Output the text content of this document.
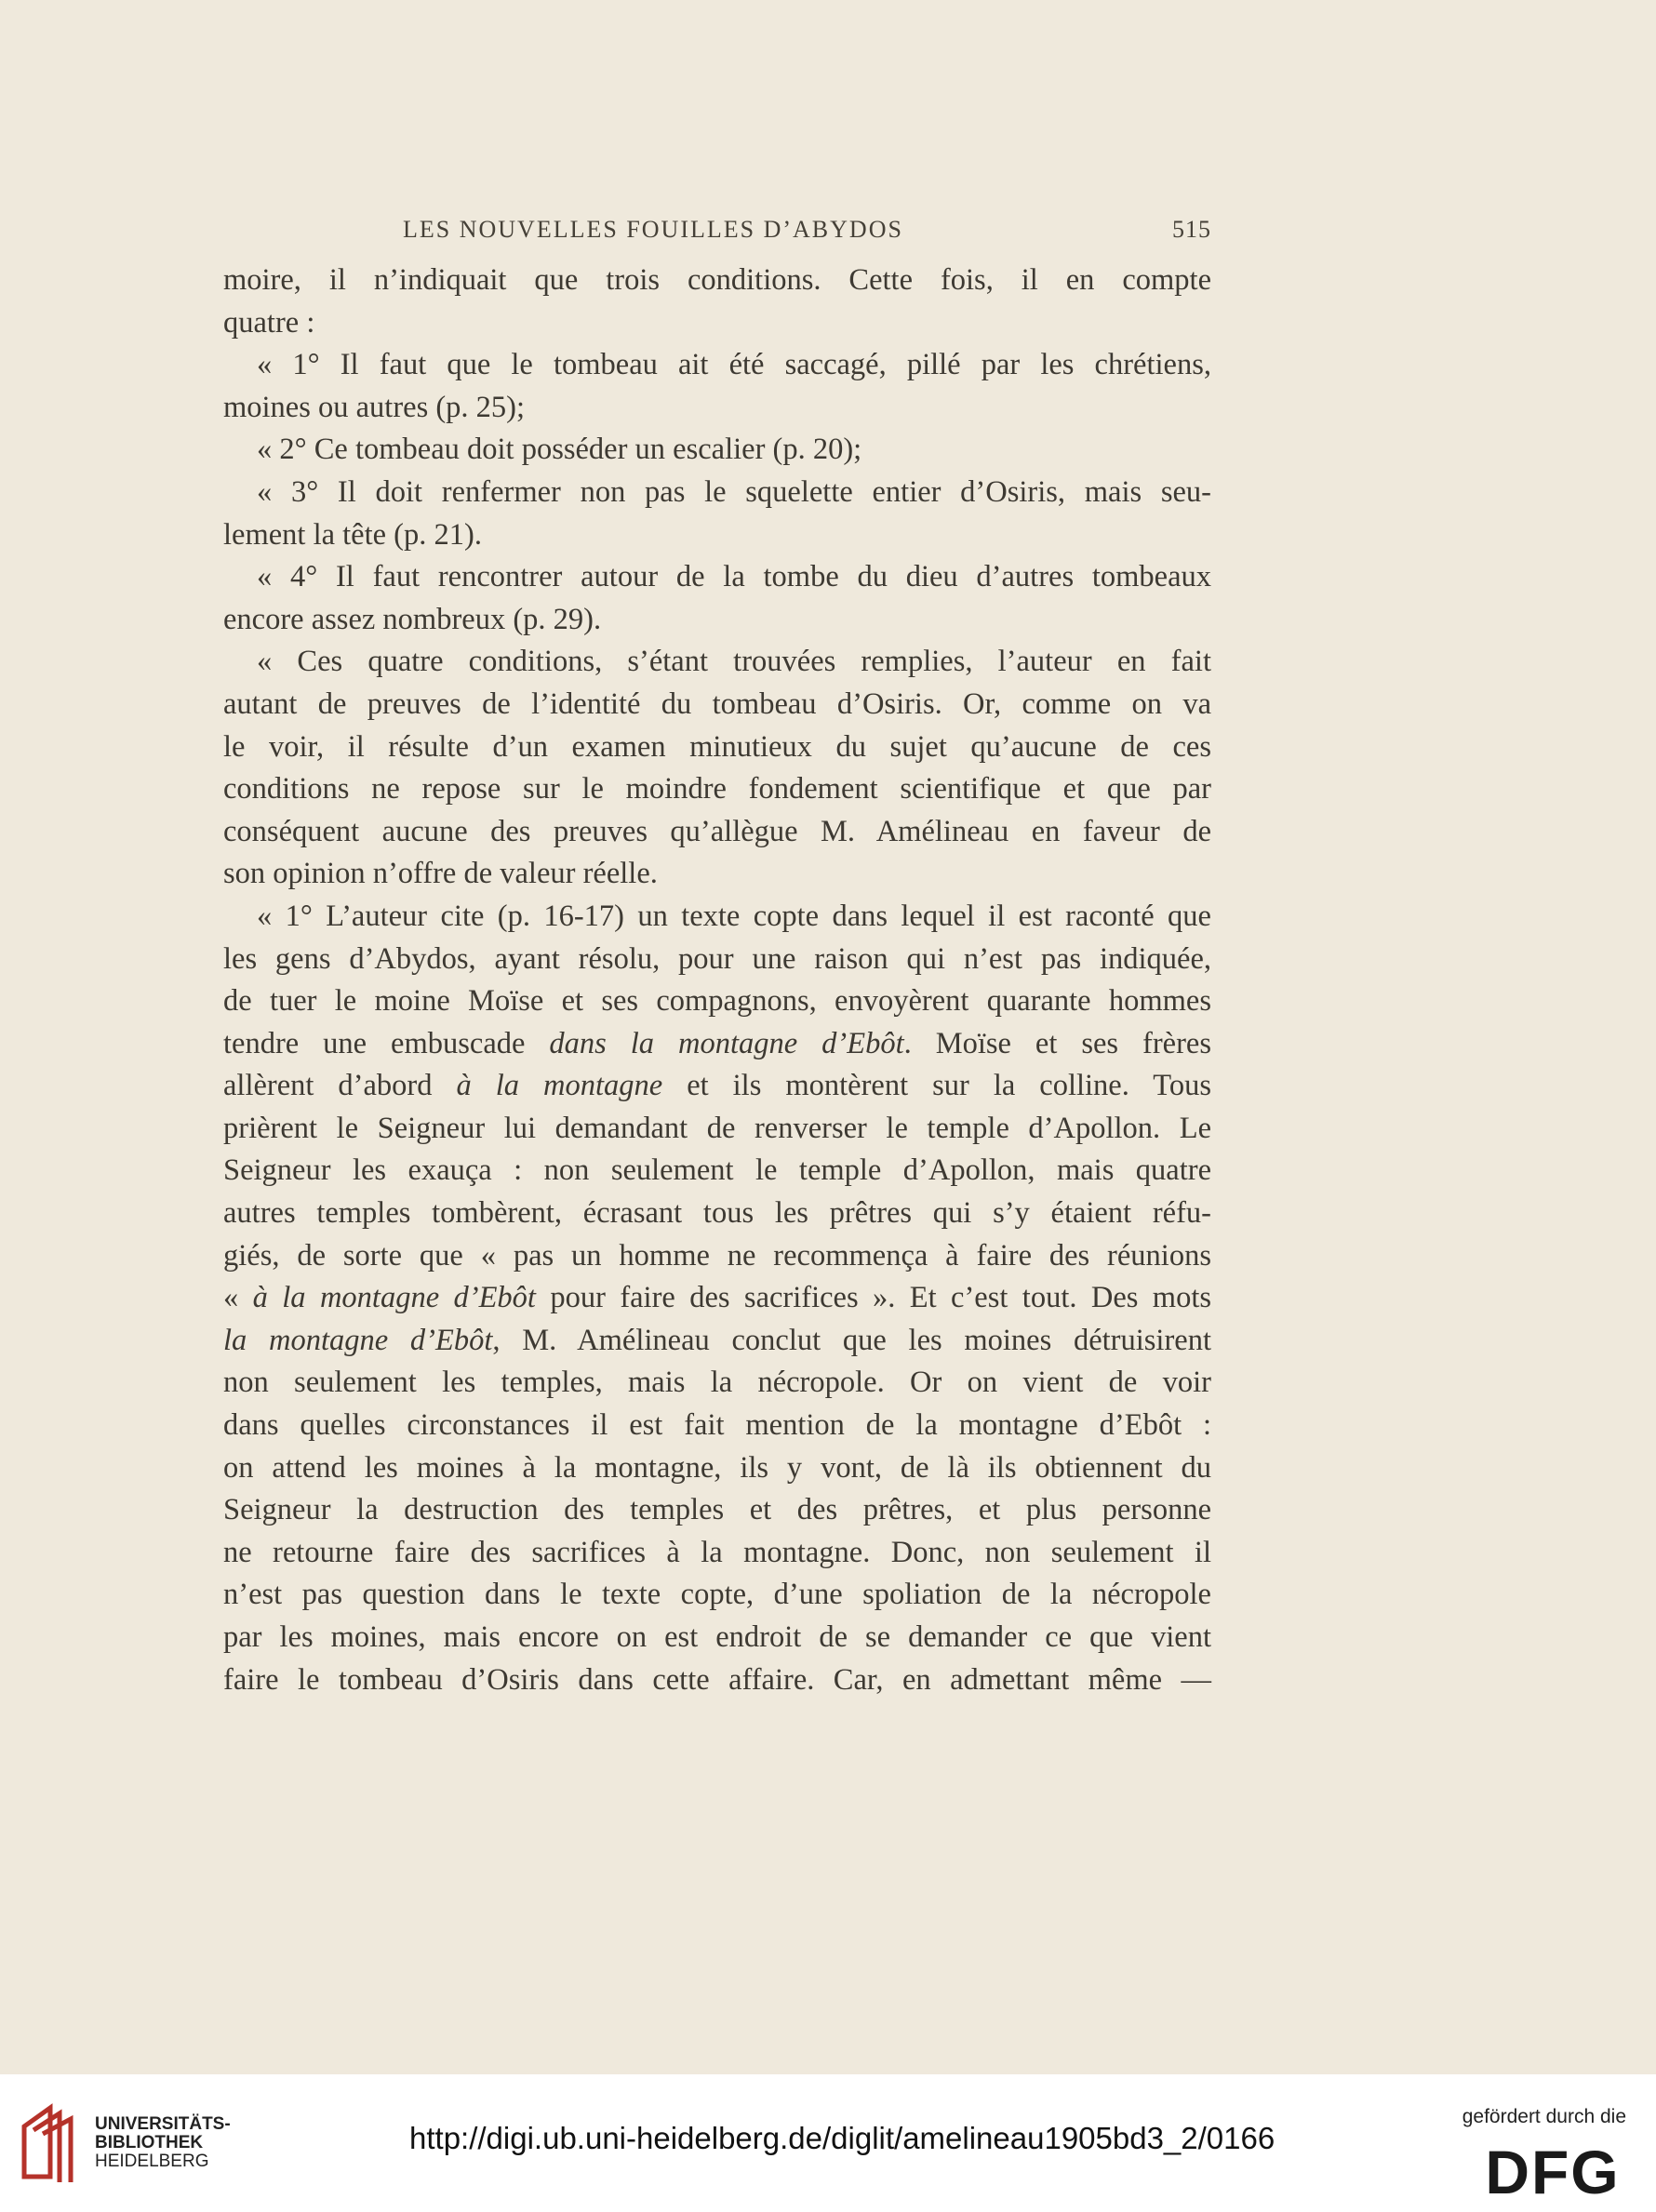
LES NOUVELLES FOUILLES D’ABYDOS	515
moire, il n’indiquait que trois conditions. Cette fois, il en compte
quatre :
« 1° Il faut que le tombeau ait été saccagé, pillé par les chrétiens,
moines ou autres (p. 25);
« 2° Ce tombeau doit posséder un escalier (p. 20);
« 3° Il doit renfermer non pas le squelette entier d’Osiris, mais seu-
lement la tête (p. 21).
« 4° Il faut rencontrer autour de la tombe du dieu d’autres tombeaux
encore assez nombreux (p. 29).
« Ces quatre conditions, s’étant trouvées remplies, l’auteur en fait
autant de preuves de l’identité du tombeau d’Osiris. Or, comme on va
le voir, il résulte d’un examen minutieux du sujet qu’aucune de ces
conditions ne repose sur le moindre fondement scientifique et que par
conséquent aucune des preuves qu’allègue M. Amélineau en faveur de
son opinion n’offre de valeur réelle.
« 1° L’auteur cite (p. 16-17) un texte copte dans lequel il est raconté que
les gens d’Abydos, ayant résolu, pour une raison qui n’est pas indiquée,
de tuer le moine Moïse et ses compagnons, envoyèrent quarante hommes
tendre une embuscade dans la montagne d’Ebôt. Moïse et ses frères
allèrent d’abord à la montagne et ils montèrent sur la colline. Tous
prièrent le Seigneur lui demandant de renverser le temple d’Apollon. Le
Seigneur les exauça : non seulement le temple d’Apollon, mais quatre
autres temples tombèrent, écrasant tous les prêtres qui s’y étaient réfu-
giés, de sorte que « pas un homme ne recommença à faire des réunions
« à la montagne d’Ebôt pour faire des sacrifices ». Et c’est tout. Des mots
la montagne d’Ebôt, M. Amélineau conclut que les moines détruisirent
non seulement les temples, mais la nécropole. Or on vient de voir
dans quelles circonstances il est fait mention de la montagne d’Ebôt :
on attend les moines à la montagne, ils y vont, de là ils obtiennent du
Seigneur la destruction des temples et des prêtres, et plus personne
ne retourne faire des sacrifices à la montagne. Donc, non seulement il
n’est pas question dans le texte copte, d’une spoliation de la nécropole
par les moines, mais encore on est endroit de se demander ce que vient
faire le tombeau d’Osiris dans cette affaire. Car, en admettant même —
UNIVERSITÄTS-
BIBLIOTHEK
HEIDELBERG
http://digi.ub.uni-heidelberg.de/diglit/amelineau1905bd3_2/0166
gefördert durch die
DFG
